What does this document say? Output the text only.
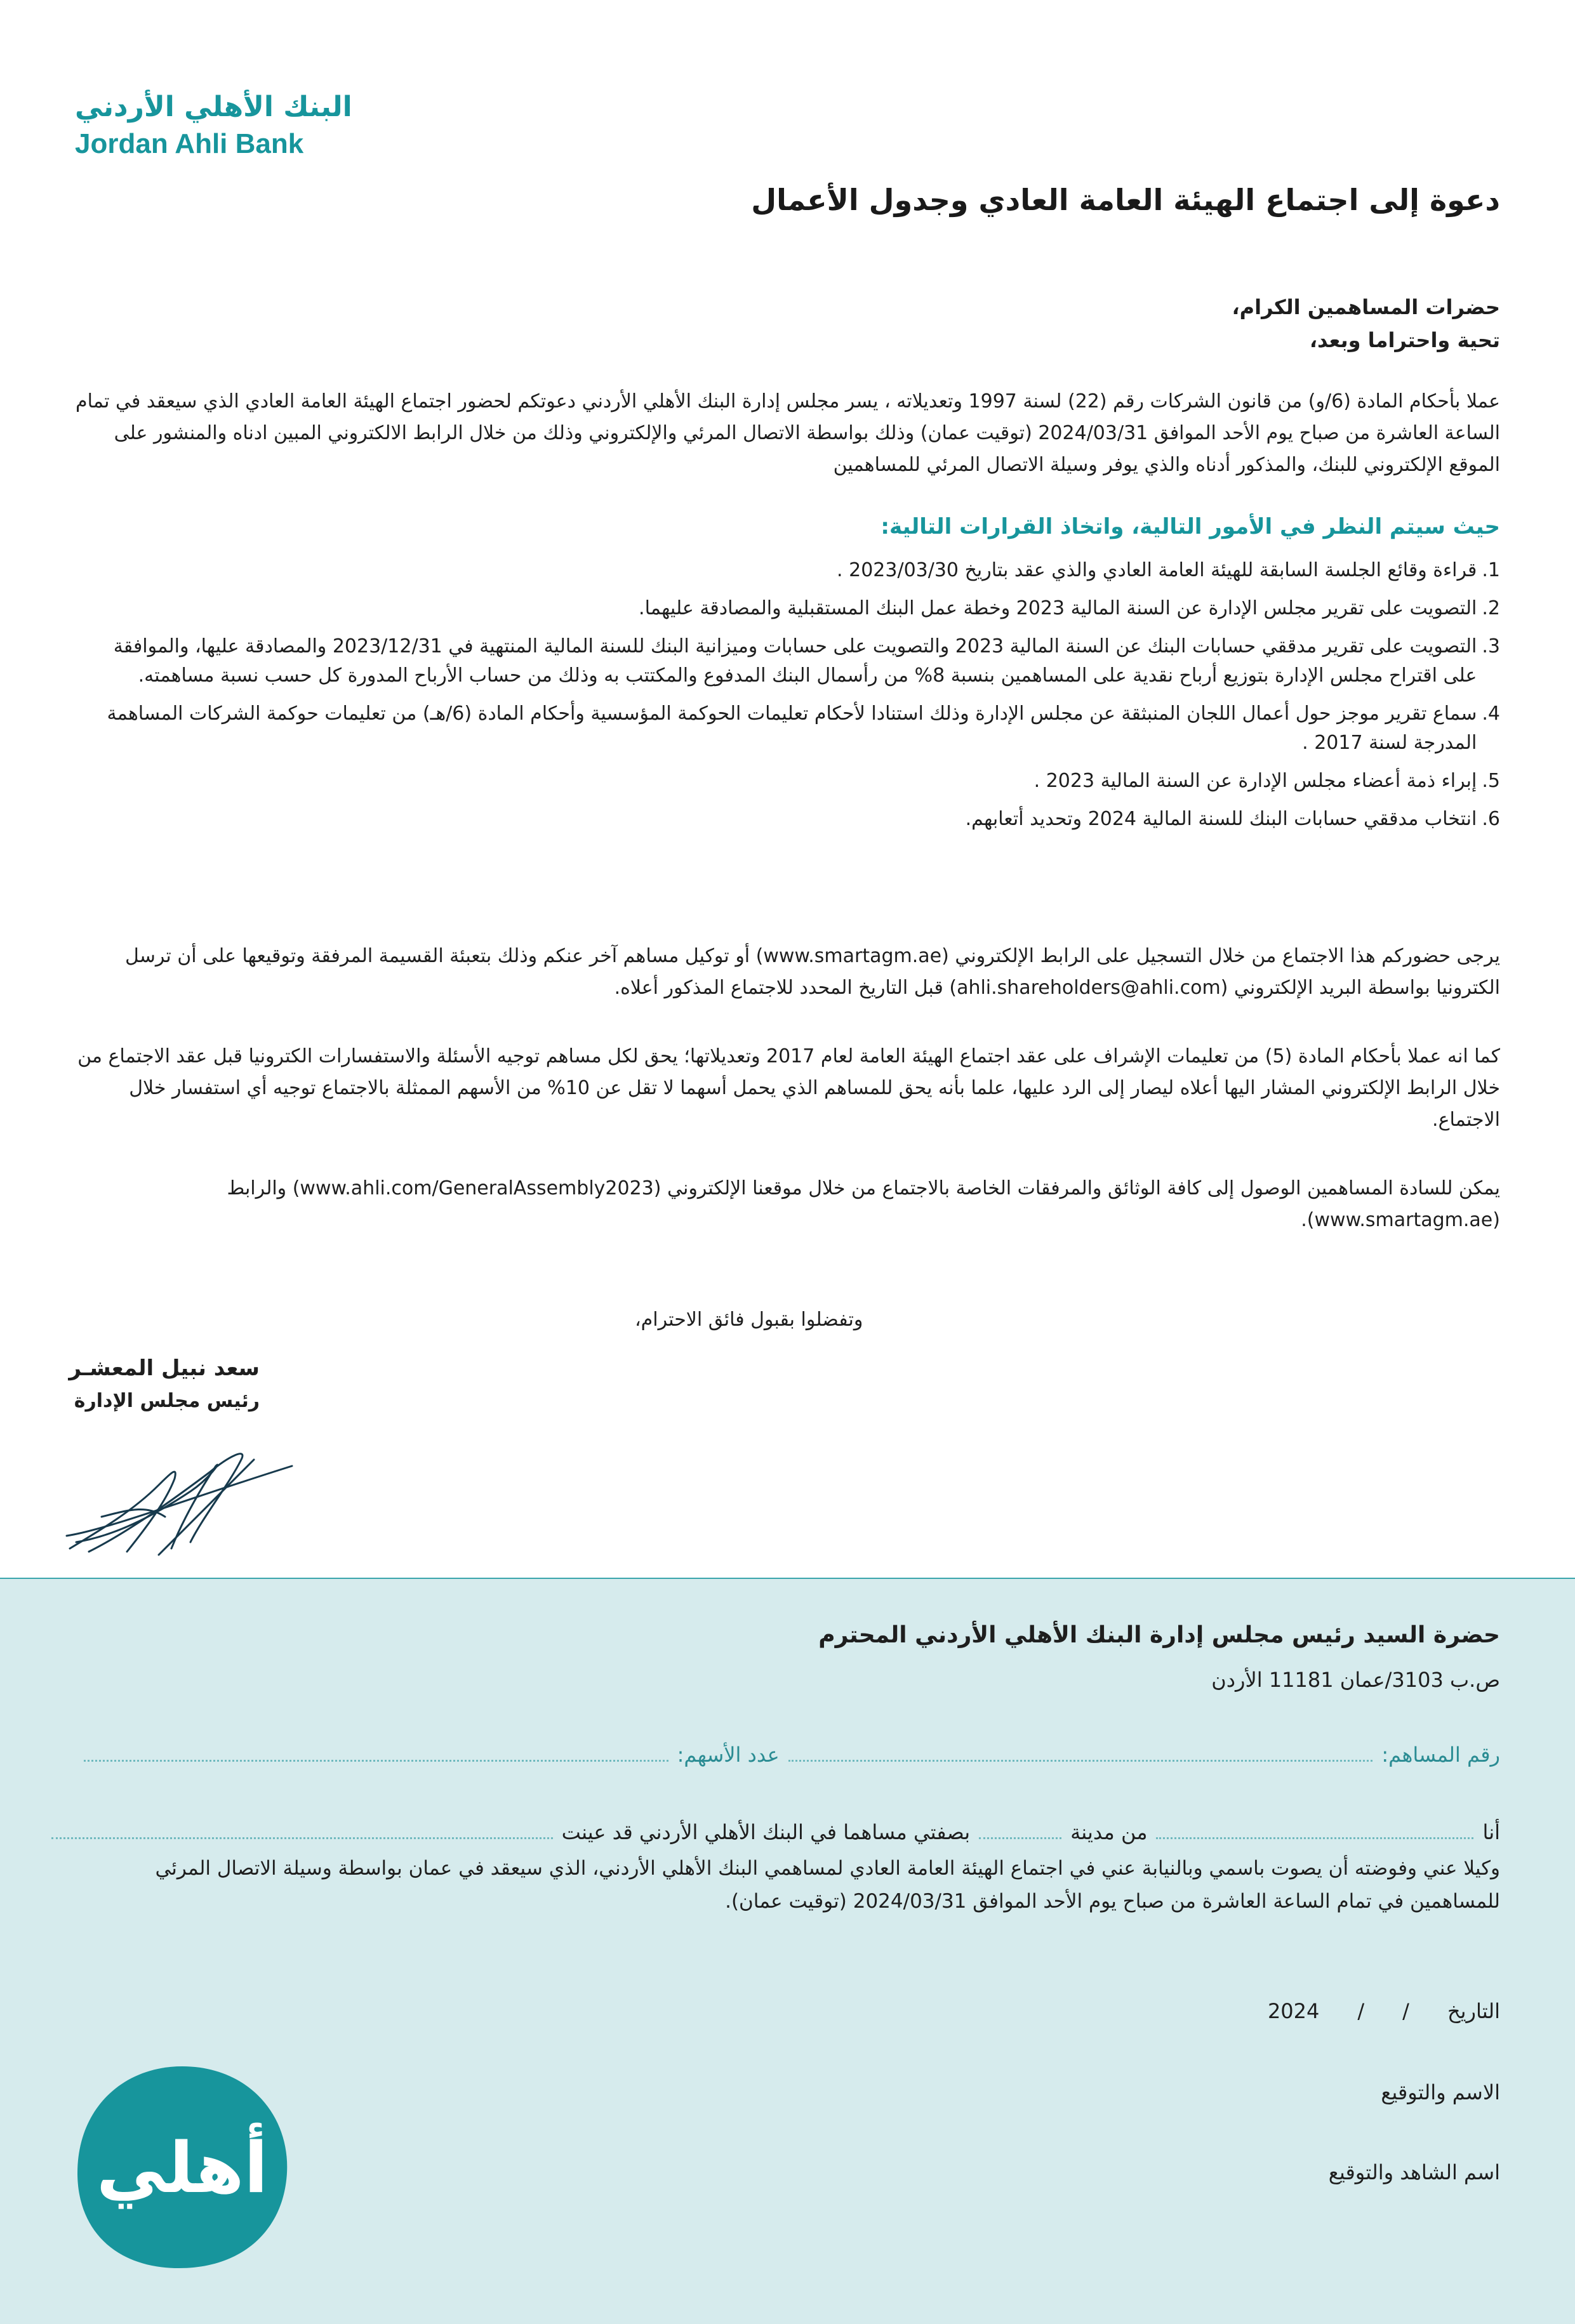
البنك الأهلي الأردني
Jordan Ahli Bank
دعوة إلى اجتماع الهيئة العامة العادي وجدول الأعمال
حضرات المساهمين الكرام،
تحية واحتراما وبعد،
عملا بأحكام المادة (6/و) من قانون الشركات رقم (22) لسنة 1997 وتعديلاته ، يسر مجلس إدارة البنك الأهلي الأردني دعوتكم لحضور اجتماع الهيئة العامة العادي الذي سيعقد في تمام الساعة العاشرة من صباح يوم الأحد الموافق 2024/03/31 (توقيت عمان) وذلك بواسطة الاتصال المرئي والإلكتروني وذلك من خلال الرابط الالكتروني المبين ادناه والمنشور على الموقع الإلكتروني للبنك، والمذكور أدناه والذي يوفر وسيلة الاتصال المرئي للمساهمين
حيث سيتم النظر في الأمور التالية، واتخاذ القرارات التالية:
1.
قراءة وقائع الجلسة السابقة للهيئة العامة العادي والذي عقد بتاريخ 2023/03/30 .
2.
التصويت على تقرير مجلس الإدارة عن السنة المالية 2023 وخطة عمل البنك المستقبلية والمصادقة عليهما.
3.
التصويت على تقرير مدققي حسابات البنك عن السنة المالية 2023 والتصويت على حسابات وميزانية البنك للسنة المالية المنتهية في 2023/12/31 والمصادقة عليها، والموافقة على اقتراح مجلس الإدارة بتوزيع أرباح نقدية على المساهمين بنسبة 8% من رأسمال البنك المدفوع والمكتتب به وذلك من حساب الأرباح المدورة كل حسب نسبة مساهمته.
4.
سماع تقرير موجز حول أعمال اللجان المنبثقة عن مجلس الإدارة وذلك استنادا لأحكام تعليمات الحوكمة المؤسسية وأحكام المادة (6/هـ) من تعليمات حوكمة الشركات المساهمة المدرجة لسنة 2017 .
5.
إبراء ذمة أعضاء مجلس الإدارة عن السنة المالية 2023 .
6.
انتخاب مدققي حسابات البنك للسنة المالية 2024 وتحديد أتعابهم.
يرجى حضوركم هذا الاجتماع من خلال التسجيل على الرابط الإلكتروني (www.smartagm.ae) أو توكيل مساهم آخر عنكم وذلك بتعبئة القسيمة المرفقة وتوقيعها على أن ترسل الكترونيا بواسطة البريد الإلكتروني (ahli.shareholders@ahli.com) قبل التاريخ المحدد للاجتماع المذكور أعلاه.
كما انه عملا بأحكام المادة (5) من تعليمات الإشراف على عقد اجتماع الهيئة العامة لعام 2017 وتعديلاتها؛ يحق لكل مساهم توجيه الأسئلة والاستفسارات الكترونيا قبل عقد الاجتماع من خلال الرابط الإلكتروني المشار اليها أعلاه ليصار إلى الرد عليها، علما بأنه يحق للمساهم الذي يحمل أسهما لا تقل عن 10% من الأسهم الممثلة بالاجتماع توجيه أي استفسار خلال الاجتماع.
يمكن للسادة المساهمين الوصول إلى كافة الوثائق والمرفقات الخاصة بالاجتماع من خلال موقعنا الإلكتروني (www.ahli.com/GeneralAssembly2023) والرابط (www.smartagm.ae).
وتفضلوا بقبول فائق الاحترام،
سعد نبيل المعشـر
رئيس مجلس الإدارة
حضرة السيد رئيس مجلس إدارة البنك الأهلي الأردني المحترم
ص.ب 3103/عمان 11181 الأردن
رقم المساهم:
عدد الأسهم:
أنا
من مدينة
بصفتي مساهما في البنك الأهلي الأردني قد عينت
وكيلا عني وفوضته أن يصوت باسمي وبالنيابة عني في اجتماع الهيئة العامة العادي لمساهمي البنك الأهلي الأردني، الذي سيعقد في عمان بواسطة وسيلة الاتصال المرئي للمساهمين في تمام الساعة العاشرة من صباح يوم الأحد الموافق 2024/03/31 (توقيت عمان).
التاريخ
/
/
2024
الاسم والتوقيع
اسم الشاهد والتوقيع
أهلي
